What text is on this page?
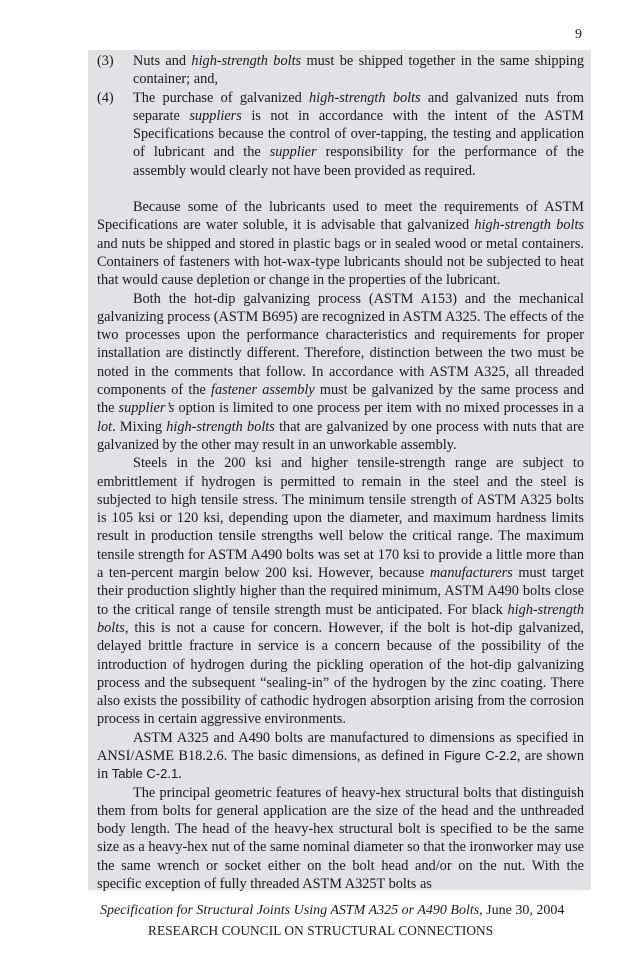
9
(3)	Nuts and high-strength bolts must be shipped together in the same shipping container; and,
(4)	The purchase of galvanized high-strength bolts and galvanized nuts from separate suppliers is not in accordance with the intent of the ASTM Specifications because the control of over-tapping, the testing and application of lubricant and the supplier responsibility for the performance of the assembly would clearly not have been provided as required.

Because some of the lubricants used to meet the requirements of ASTM Specifications are water soluble, it is advisable that galvanized high-strength bolts and nuts be shipped and stored in plastic bags or in sealed wood or metal containers. Containers of fasteners with hot-wax-type lubricants should not be subjected to heat that would cause depletion or change in the properties of the lubricant.

Both the hot-dip galvanizing process (ASTM A153) and the mechanical galvanizing process (ASTM B695) are recognized in ASTM A325. The effects of the two processes upon the performance characteristics and requirements for proper installation are distinctly different. Therefore, distinction between the two must be noted in the comments that follow. In accordance with ASTM A325, all threaded components of the fastener assembly must be galvanized by the same process and the supplier’s option is limited to one process per item with no mixed processes in a lot. Mixing high-strength bolts that are galvanized by one process with nuts that are galvanized by the other may result in an unworkable assembly.

Steels in the 200 ksi and higher tensile-strength range are subject to embrittlement if hydrogen is permitted to remain in the steel and the steel is subjected to high tensile stress. The minimum tensile strength of ASTM A325 bolts is 105 ksi or 120 ksi, depending upon the diameter, and maximum hardness limits result in production tensile strengths well below the critical range. The maximum tensile strength for ASTM A490 bolts was set at 170 ksi to provide a little more than a ten-percent margin below 200 ksi. However, because manufacturers must target their production slightly higher than the required minimum, ASTM A490 bolts close to the critical range of tensile strength must be anticipated. For black high-strength bolts, this is not a cause for concern. However, if the bolt is hot-dip galvanized, delayed brittle fracture in service is a concern because of the possibility of the introduction of hydrogen during the pickling operation of the hot-dip galvanizing process and the subsequent “sealing-in” of the hydrogen by the zinc coating. There also exists the possibility of cathodic hydrogen absorption arising from the corrosion process in certain aggressive environments.

ASTM A325 and A490 bolts are manufactured to dimensions as specified in ANSI/ASME B18.2.6. The basic dimensions, as defined in Figure C-2.2, are shown in Table C-2.1.

The principal geometric features of heavy-hex structural bolts that distinguish them from bolts for general application are the size of the head and the unthreaded body length. The head of the heavy-hex structural bolt is specified to be the same size as a heavy-hex nut of the same nominal diameter so that the ironworker may use the same wrench or socket either on the bolt head and/or on the nut. With the specific exception of fully threaded ASTM A325T bolts as

Specification for Structural Joints Using ASTM A325 or A490 Bolts, June 30, 2004
RESEARCH COUNCIL ON STRUCTURAL CONNECTIONS
